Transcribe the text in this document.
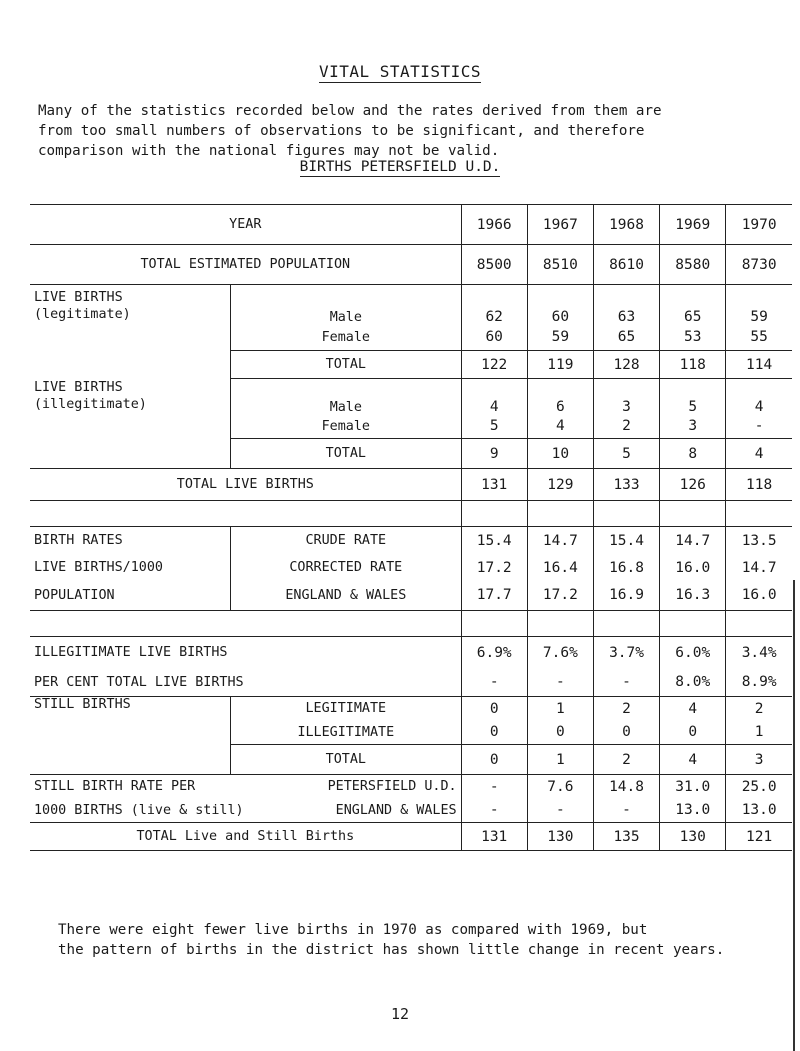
VITAL STATISTICS
Many of the statistics recorded below and the rates derived from them are
from too small numbers of observations to be significant, and therefore
comparison with the national figures may not be valid.
BIRTHS PETERSFIELD U.D.
YEAR		1966	1967	1968	1969	1970
TOTAL ESTIMATED POPULATION		8500	8510	8610	8580	8730

LIVE BIRTHS
(legitimate)	Male	62	60	63	65	59
	Female	60	59	65	53	55
	TOTAL	122	119	128	118	114

LIVE BIRTHS
(illegitimate)	Male	4	6	3	5	4
	Female	5	4	2	3	-
	TOTAL	9	10	5	8	4
TOTAL LIVE BIRTHS		131	129	133	126	118

BIRTH RATES	CRUDE RATE	15.4	14.7	15.4	14.7	13.5
LIVE BIRTHS/1000	CORRECTED RATE	17.2	16.4	16.8	16.0	14.7
POPULATION	ENGLAND & WALES	17.7	17.2	16.9	16.3	16.0

ILLEGITIMATE LIVE BIRTHS		6.9%	7.6%	3.7%	6.0%	3.4%
PER CENT TOTAL LIVE BIRTHS		-	-	-	8.0%	8.9%
STILL BIRTHS	LEGITIMATE	0	1	2	4	2
	ILLEGITIMATE	0	0	0	0	1
	TOTAL	0	1	2	4	3
STILL BIRTH RATE PER PETERSFIELD U.D.		-	7.6	14.8	31.0	25.0
1000 BIRTHS (live & still) ENGLAND & WALES		-	-	-	13.0	13.0
TOTAL Live and Still Births		131	130	135	130	121
There were eight fewer live births in 1970 as compared with 1969, but
the pattern of births in the district has shown little change in recent years.
12
